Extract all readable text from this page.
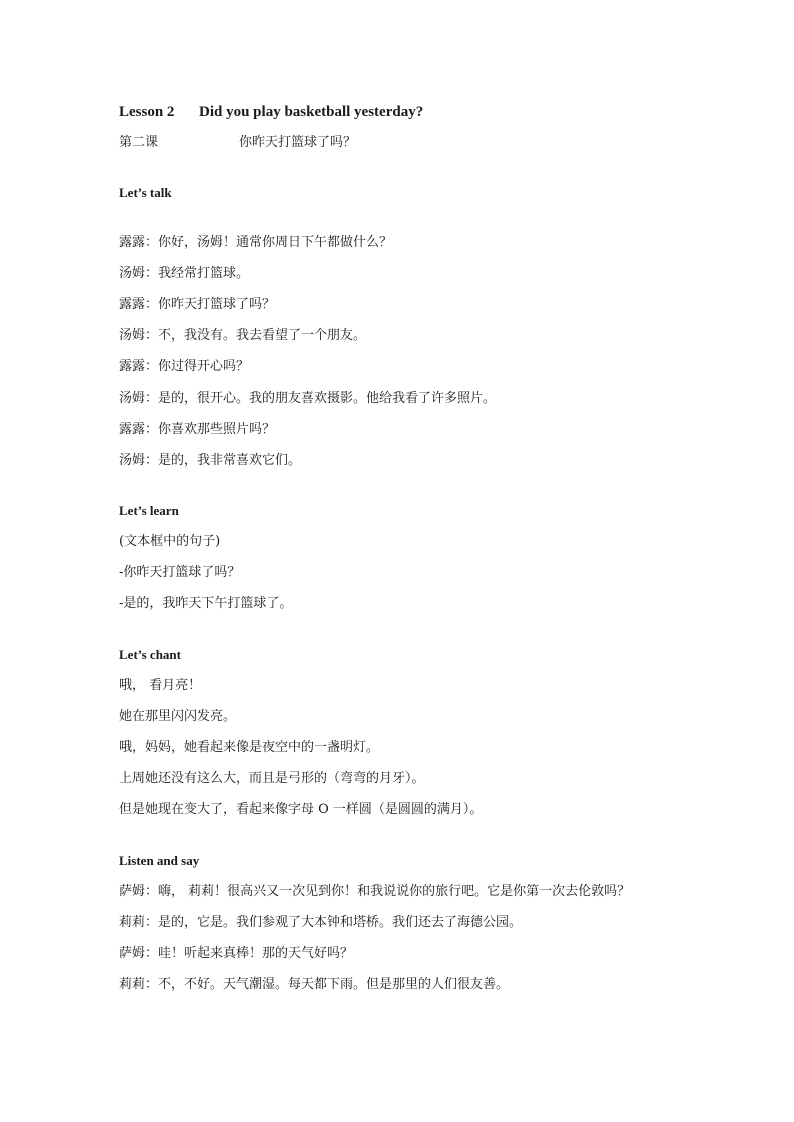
Lesson 2 Did you play basketball yesterday?
第二课	你昨天打篮球了吗？
Let’s talk
露露：你好，汤姆！通常你周日下午都做什么？
汤姆：我经常打篮球。
露露：你昨天打篮球了吗？
汤姆：不，我没有。我去看望了一个朋友。
露露：你过得开心吗？
汤姆：是的，很开心。我的朋友喜欢摄影。他给我看了许多照片。
露露：你喜欢那些照片吗？
汤姆：是的，我非常喜欢它们。
Let’s learn
(文本框中的句子)
-你昨天打篮球了吗？
-是的，我昨天下午打篮球了。
Let’s chant
哦， 看月亮！
她在那里闪闪发亮。
哦，妈妈，她看起来像是夜空中的一盏明灯。
上周她还没有这么大，而且是弓形的（弯弯的月牙）。
但是她现在变大了，看起来像字母 O 一样圆（是圆圆的满月）。
Listen and say
萨姆：嗨， 莉莉！很高兴又一次见到你！和我说说你的旅行吧。它是你第一次去伦敦吗？
莉莉：是的，它是。我们参观了大本钟和塔桥。我们还去了海德公园。
萨姆：哇！听起来真棒！那的天气好吗？
莉莉：不，不好。天气潮湿。每天都下雨。但是那里的人们很友善。
